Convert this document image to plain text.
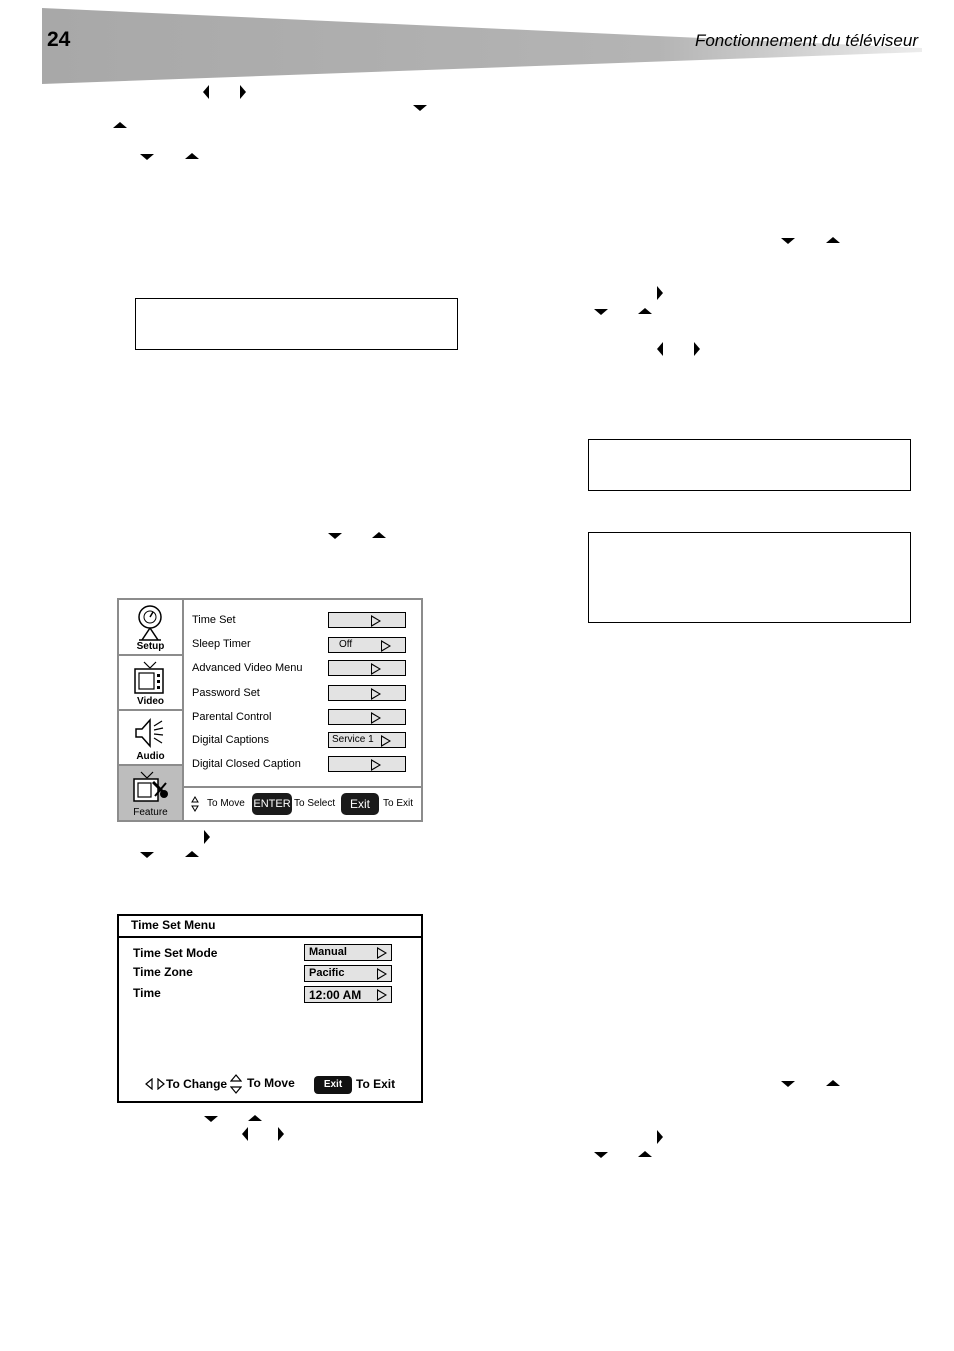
24	Fonctionnement du téléviseur
Setup
Video
Audio
Feature
Time Set
Sleep Timer	Off
Advanced Video Menu
Password Set
Parental Control
Digital Captions	Service 1
Digital Closed Caption
To Move ENTER To Select	Exit	To Exit
Time Set Menu
Time Set Mode	Manual
Time Zone	Pacific
Time	12:00 AM
To Change To Move	Exit	To Exit
